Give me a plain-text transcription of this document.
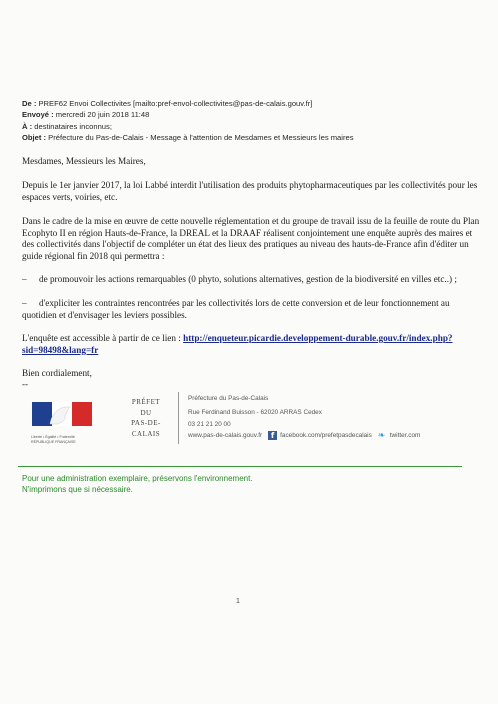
De : PREF62 Envoi Collectivites [mailto:pref-envol-collectivites@pas-de-calais.gouv.fr]
Envoyé : mercredi 20 juin 2018 11:48
À : destinataires inconnus;
Objet : Préfecture du Pas-de-Calais - Message à l'attention de Mesdames et Messieurs les maires
Mesdames, Messieurs les Maires,
Depuis le 1er janvier 2017, la loi Labbé interdit l'utilisation des produits phytopharmaceutiques par les collectivités pour les espaces verts, voiries, etc.
Dans le cadre de la mise en œuvre de cette nouvelle réglementation et du groupe de travail issu de la feuille de route du Plan Ecophyto II en région Hauts-de-France, la DREAL et la DRAAF réalisent conjointement une enquête auprès des maires et des collectivités dans l'objectif de compléter un état des lieux des pratiques au niveau des hauts-de-France afin d'éditer un guide régional fin 2018 qui permettra :
– de promouvoir les actions remarquables (0 phyto, solutions alternatives, gestion de la biodiversité en villes etc..) ;
– d'expliciter les contraintes rencontrées par les collectivités lors de cette conversion et de leur fonctionnement au quotidien et d'envisager les leviers possibles.
L'enquête est accessible à partir de ce lien : http://enqueteur.picardie.developpement-durable.gouv.fr/index.php?sid=98498&lang=fr
Bien cordialement,
--
Liberté • Égalité • Fraternité
RÉPUBLIQUE FRANÇAISE
PRÉFET
DU
PAS-DE-CALAIS
Préfecture du Pas-de-Calais
Rue Ferdinand Buisson - 62020 ARRAS Cedex
03 21 21 20 00
www.pas-de-calais.gouv.fr	f facebook.com/prefetpasdecalais ❧ twitter.com
Pour une administration exemplaire, préservons l'environnement.
N'imprimons que si nécessaire.
1
